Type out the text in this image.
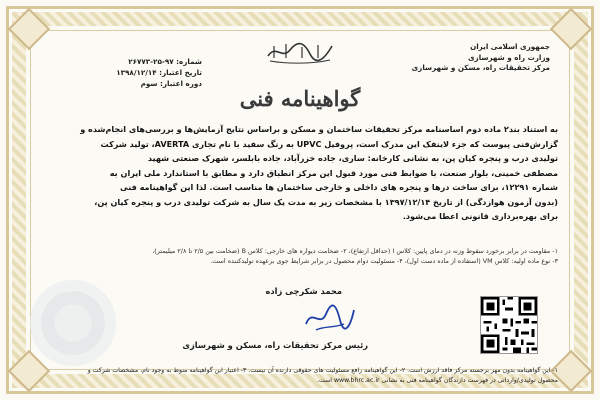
جمهوری اسلامی ایران
وزارت راه و شهرسازی
مرکز تحقیقات راه، مسکن و شهرسازی
شماره: ۹۷-۲۵-۲۶۷۷۳
تاریخ اعتبار: ۱۳۹۸/۱۲/۱۴
دوره اعتبار: سوم
گواهینامه فنی
به استناد بند۲ ماده دوم اساسنامه مرکز تحقیقات ساختمان و مسکن و براساس نتایج آزمایش‌ها و بررسی‌های انجام‌شده و
گزارش‌فنی پیوست که جزء لاینفک این مدرک است، پروفیل UPVC به رنگ سفید با نام تجاری AVERTA، تولید شرکت
تولیدی درب و پنجره کیان پن، به نشانی کارخانه: ساری، جاده خزرآباد، جاده بابلسر، شهرک صنعتی شهید
مصطفی خمینی، بلوار صنعت، با ضوابط فنی مورد قبول این مرکز انطباق دارد و مطابق با استاندارد ملی ایران به
شماره ۱۲۲۹۱، برای ساخت درها و پنجره های داخلی و خارجی ساختمان ها مناسب است. لذا این گواهینامه فنی
(بدون آزمون هوازدگی) از تاریخ ۱۳۹۷/۱۲/۱۴ با مشخصات زیر به مدت یک سال به شرکت تولیدی درب و پنجره کیان پن،
برای بهره‌برداری قانونی اعطا می‌شود.
۱- مقاومت در برابر برخورد سقوط وزنه در دمای پایین: کلاس I (حداقل ارتفاع)، ۲- ضخامت دیواره های خارجی: کلاس B (ضخامت بین ۲/۵ تا ۲/۸ میلیمتر)،
۳- نوع ماده اولیه: کلاس VM (استفاده از ماده دست اول)، ۴- مسئولیت دوام محصول در برابر شرایط جوی برعهده تولیدکننده است.
محمد شکرچی زاده
رئیس مرکز تحقیقات راه، مسکن و شهرسازی
۱- این گواهینامه بدون مهر برجسته مرکز فاقد ارزش است. ۲- این گواهینامه رافع مسئولیت های حقوقی دارنده آن نیست. ۳- اعتبار این گواهینامه منوط به وجود نام، مشخصات شرکت و
محصول تولیدی/وارداتی در فهرست دارندگان گواهینامه فنی به نشانی www.bhrc.ac.ir است.
